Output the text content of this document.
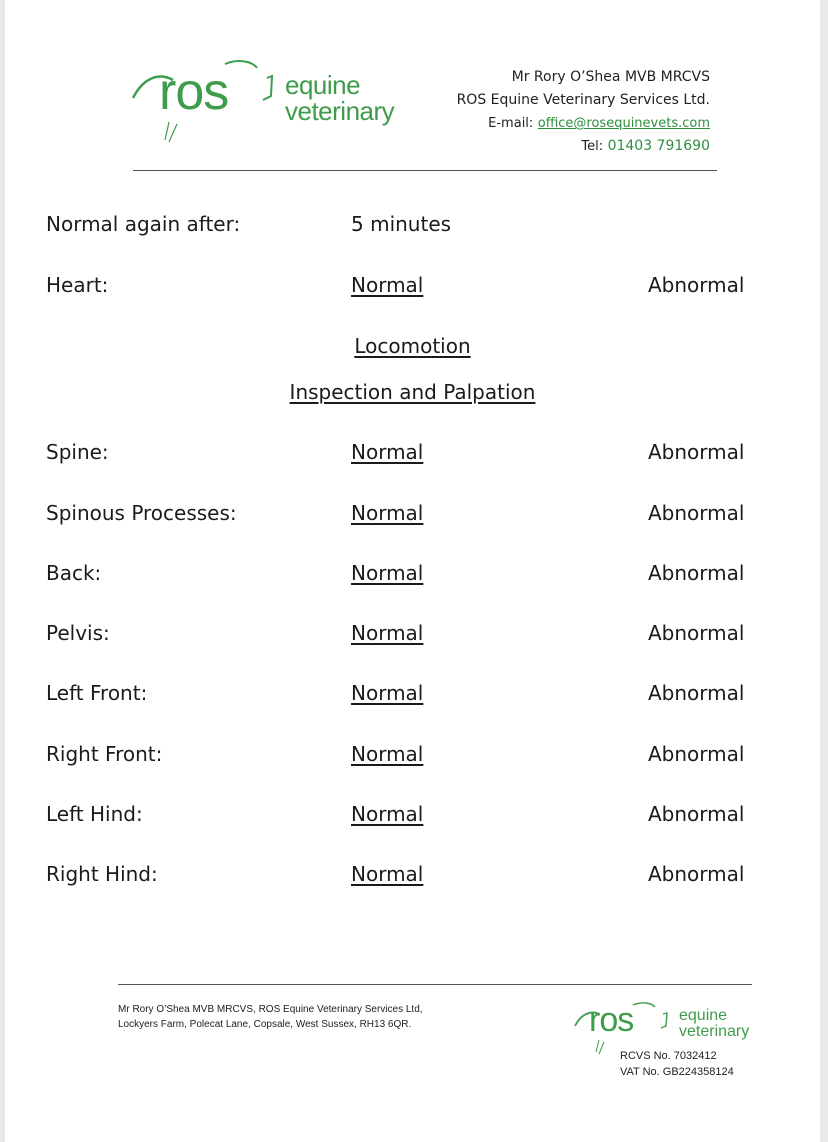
ros equine
veterinary
Mr Rory O’Shea MVB MRCVS
ROS Equine Veterinary Services Ltd.
E-mail: office@rosequinevets.com
Tel: 01403 791690
Normal again after:	5 minutes
Heart:	Normal	Abnormal
Locomotion
Inspection and Palpation
Spine:	Normal	Abnormal
Spinous Processes:	Normal	Abnormal
Back:	Normal	Abnormal
Pelvis:	Normal	Abnormal
Left Front:	Normal	Abnormal
Right Front:	Normal	Abnormal
Left Hind:	Normal	Abnormal
Right Hind:	Normal	Abnormal
Mr Rory O’Shea MVB MRCVS, ROS Equine Veterinary Services Ltd,
Lockyers Farm, Polecat Lane, Copsale, West Sussex, RH13 6QR.	ros	equine
veterinary
RCVS No. 7032412
VAT No. GB224358124
